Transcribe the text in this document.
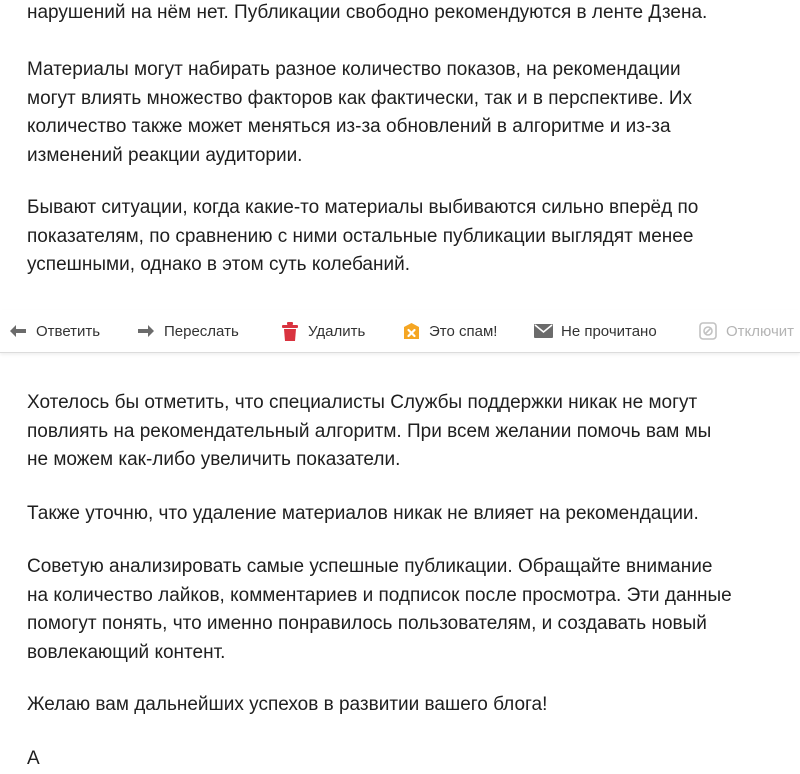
нарушений на нём нет. Публикации свободно рекомендуются в ленте Дзена.
Материалы могут набирать разное количество показов, на рекомендации
могут влиять множество факторов как фактически, так и в перспективе. Их
количество также может меняться из-за обновлений в алгоритме и из-за
изменений реакции аудитории.
Бывают ситуации, когда какие-то материалы выбиваются сильно вперёд по
показателям, по сравнению с ними остальные публикации выглядят менее
успешными, однако в этом суть колебаний.
Ответить	Переслать	Удалить	Это спам!	Не прочитано	Отключит
Хотелось бы отметить, что специалисты Службы поддержки никак не могут
повлиять на рекомендательный алгоритм. При всем желании помочь вам мы
не можем как-либо увеличить показатели.
Также уточню, что удаление материалов никак не влияет на рекомендации.
Советую анализировать самые успешные публикации. Обращайте внимание
на количество лайков, комментариев и подписок после просмотра. Эти данные
помогут понять, что именно понравилось пользователям, и создавать новый
вовлекающий контент.
Желаю вам дальнейших успехов в развитии вашего блога!
А
